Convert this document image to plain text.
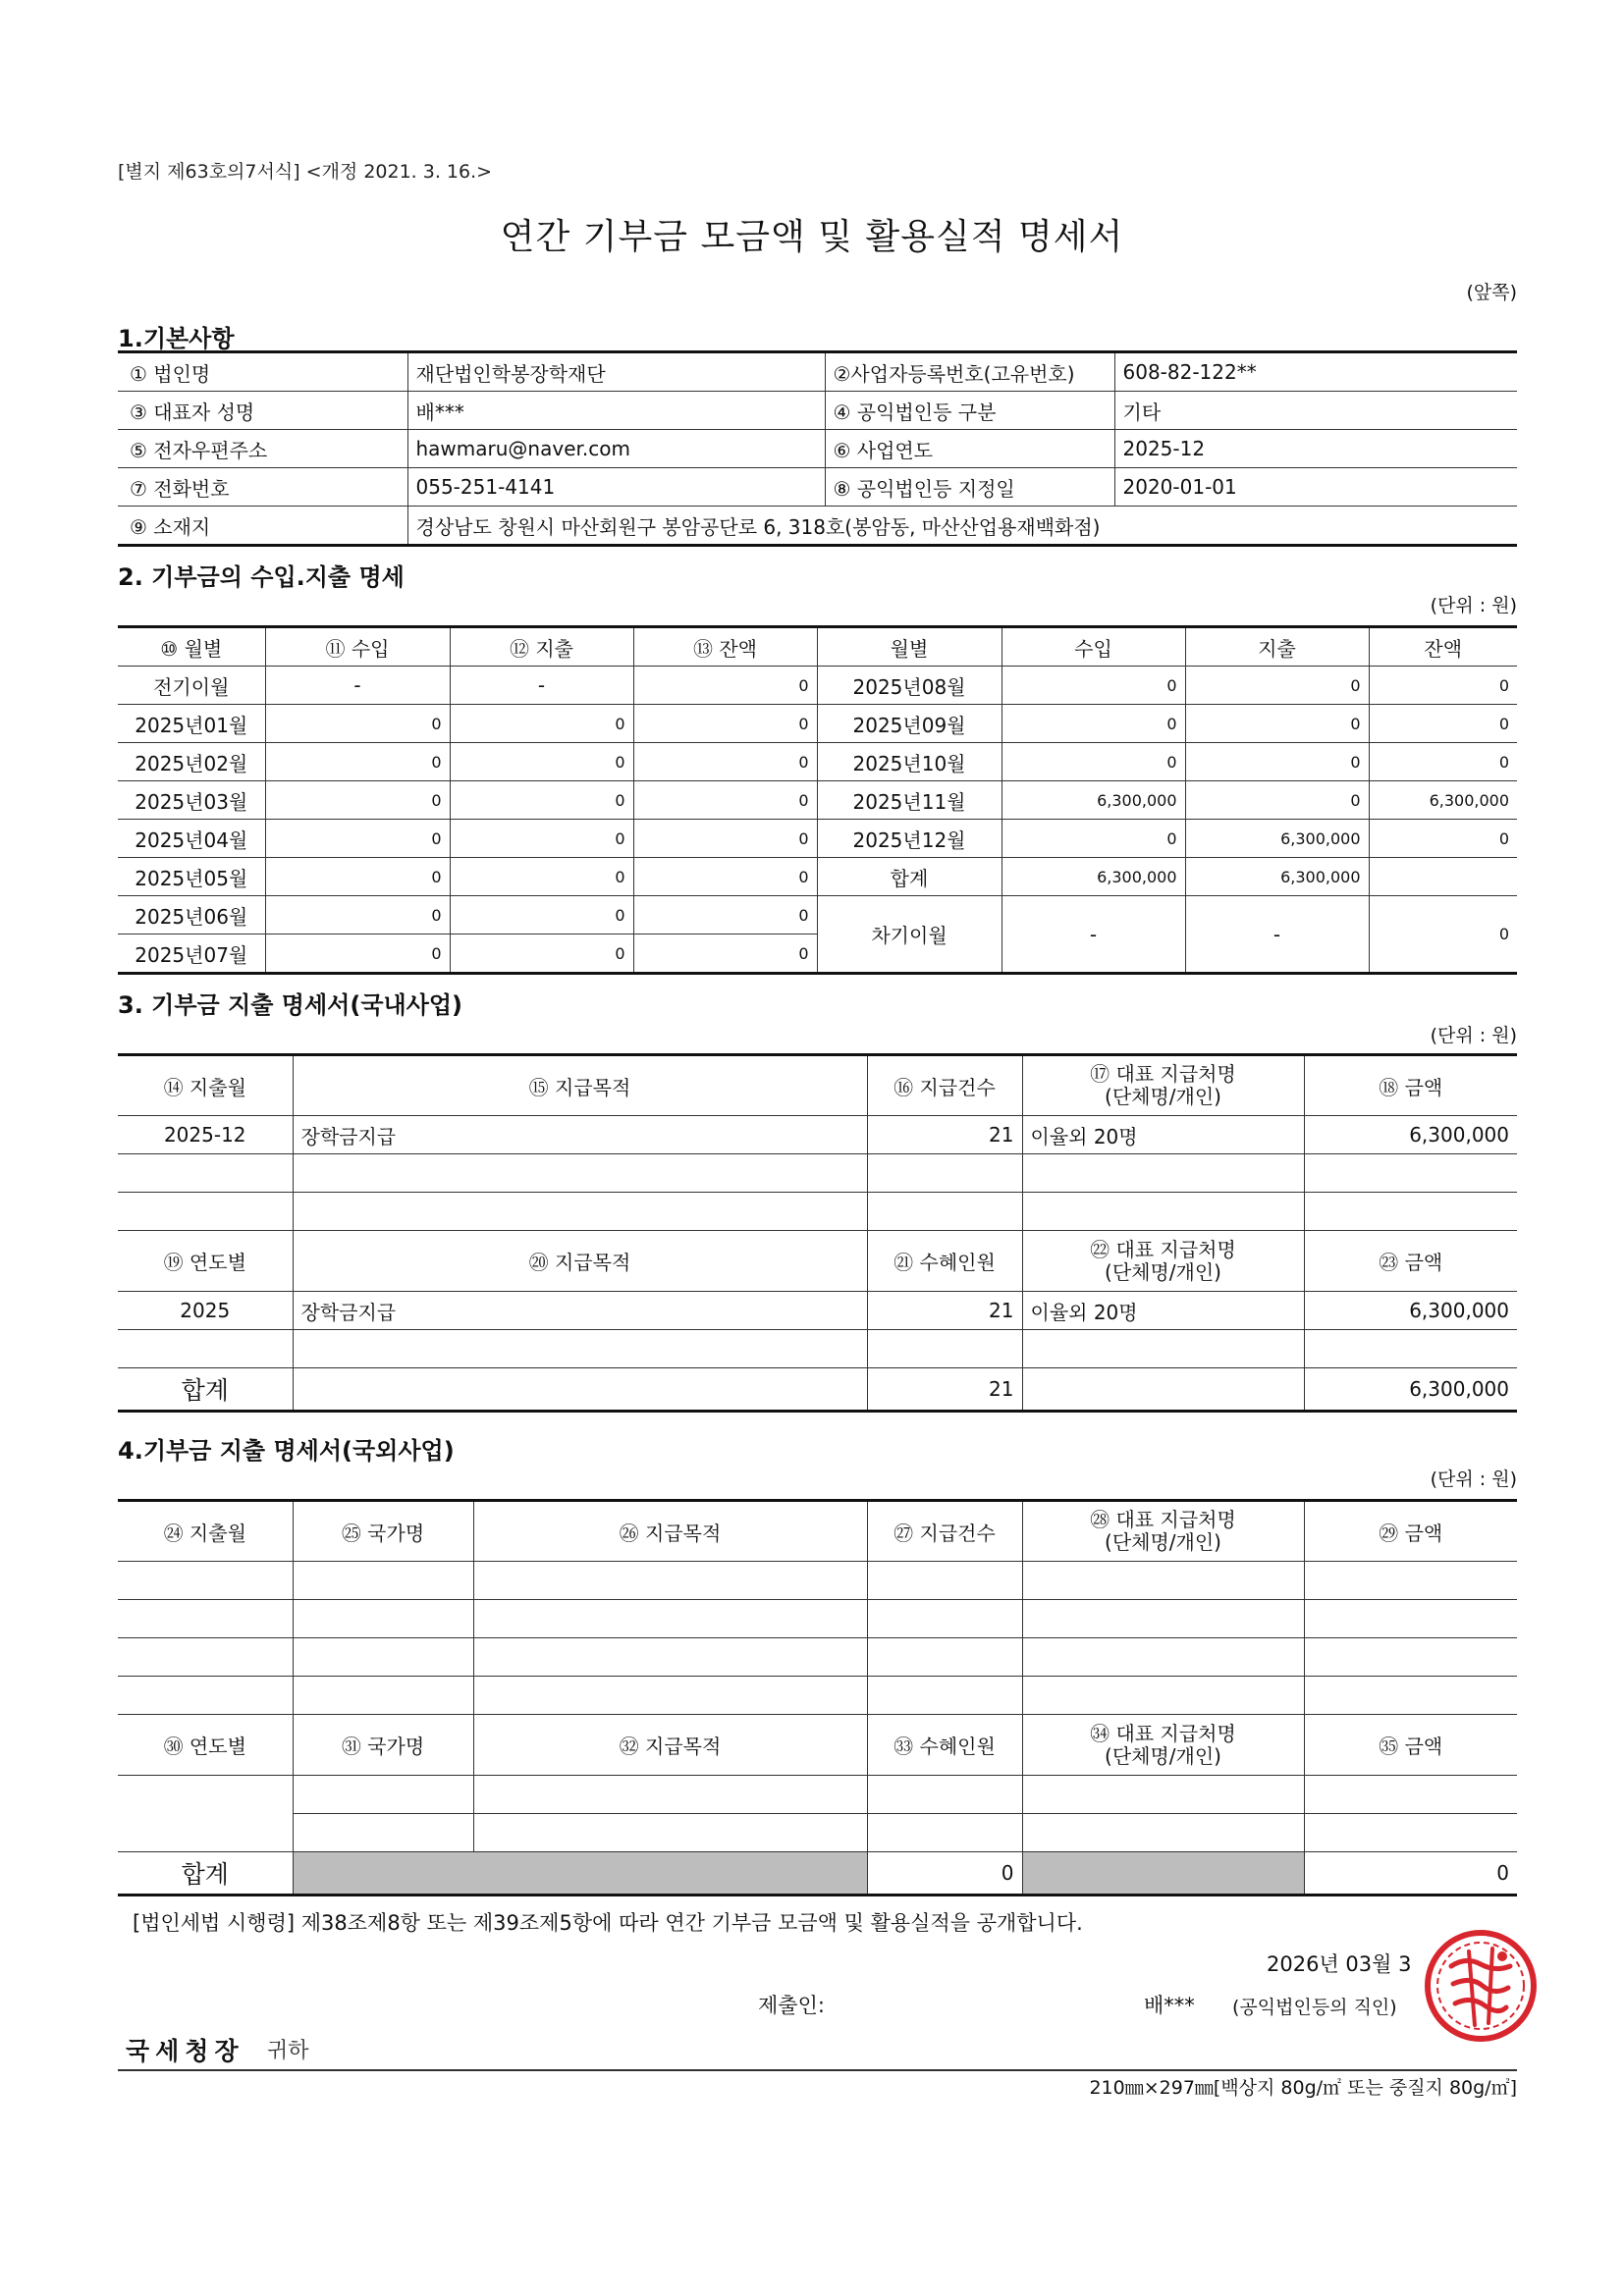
[별지 제63호의7서식] <개정 2021. 3. 16.>
연간 기부금 모금액 및 활용실적 명세서
(앞쪽)
1.기본사항
① 법인명	재단법인학봉장학재단	②사업자등록번호(고유번호)	608-82-122**
③ 대표자 성명	배***	④ 공익법인등 구분	기타
⑤ 전자우편주소	hawmaru@naver.com	⑥ 사업연도	2025-12
⑦ 전화번호	055-251-4141	⑧ 공익법인등 지정일	2020-01-01
⑨ 소재지	경상남도 창원시 마산회원구 봉암공단로 6, 318호(봉암동, 마산산업용재백화점)		
2. 기부금의 수입.지출 명세
(단위 : 원)
⑩ 월별	⑪ 수입	⑫ 지출	⑬ 잔액	월별	수입	지출	잔액
전기이월	-	-	0	2025년08월	0	0	0
2025년01월	0	0	0	2025년09월	0	0	0
2025년02월	0	0	0	2025년10월	0	0	0
2025년03월	0	0	0	2025년11월	6,300,000	0	6,300,000
2025년04월	0	0	0	2025년12월	0	6,300,000	0
2025년05월	0	0	0	합계	6,300,000	6,300,000	
2025년06월	0	0	0	차기이월	-	-	0
2025년07월	0	0	0				
3. 기부금 지출 명세서(국내사업)
(단위 : 원)
⑭ 지출월	⑮ 지급목적	⑯ 지급건수	⑰ 대표 지급처명
(단체명/개인)	⑱ 금액
2025-12	장학금지급	21	이율외 20명	6,300,000

⑲ 연도별	⑳ 지급목적	㉑ 수혜인원	㉒ 대표 지급처명
(단체명/개인)	㉓ 금액
2025	장학금지급	21	이율외 20명	6,300,000

합계		21		6,300,000
4.기부금 지출 명세서(국외사업)
(단위 : 원)
㉔ 지출월	㉕ 국가명	㉖ 지급목적	㉗ 지급건수	㉘ 대표 지급처명
(단체명/개인)	㉙ 금액

㉚ 연도별	㉛ 국가명	㉜ 지급목적	㉝ 수혜인원	㉞ 대표 지급처명
(단체명/개인)	㉟ 금액

합계			0		0
[법인세법 시행령] 제38조제8항 또는 제39조제5항에 따라 연간 기부금 모금액 및 활용실적을 공개합니다.
2026년 03월 3
제출인:	배*** (공익법인등의 직인)
국세청장 귀하
210㎜×297㎜[백상지 80g/㎡ 또는 중질지 80g/㎡]
